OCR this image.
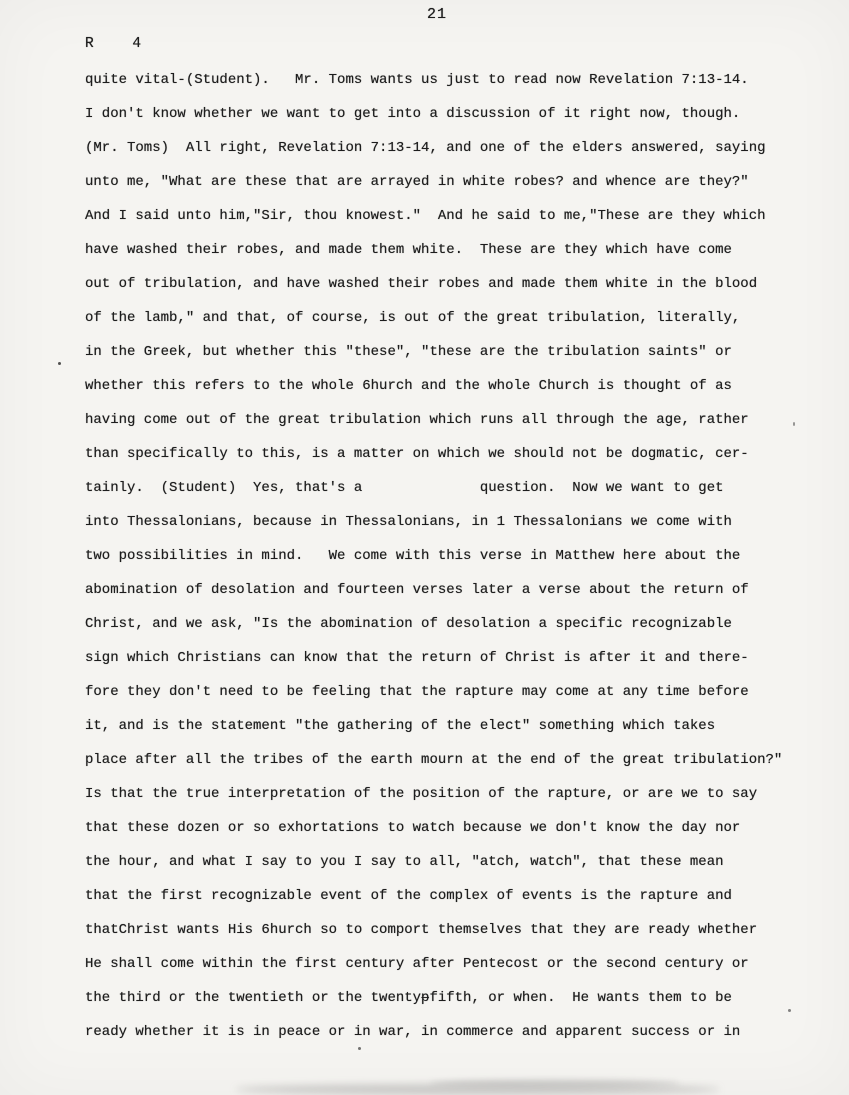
21
R	4
quite vital-(Student).   Mr. Toms wants us just to read now Revelation 7:13-14.
I don't know whether we want to get into a discussion of it right now, though.
(Mr. Toms)  All right, Revelation 7:13-14, and one of the elders answered, saying
unto me, "What are these that are arrayed in white robes? and whence are they?"
And I said unto him,"Sir, thou knowest."  And he said to me,"These are they which
have washed their robes, and made them white.  These are they which have come
out of tribulation, and have washed their robes and made them white in the blood
of the lamb," and that, of course, is out of the great tribulation, literally,
in the Greek, but whether this "these", "these are the tribulation saints" or
whether this refers to the whole 6hurch and the whole Church is thought of as
having come out of the great tribulation which runs all through the age, rather
than specifically to this, is a matter on which we should not be dogmatic, cer-
tainly.  (Student)  Yes, that's a              question.  Now we want to get
into Thessalonians, because in Thessalonians, in 1 Thessalonians we come with
two possibilities in mind.   We come with this verse in Matthew here about the
abomination of desolation and fourteen verses later a verse about the return of
Christ, and we ask, "Is the abomination of desolation a specific recognizable
sign which Christians can know that the return of Christ is after it and there-
fore they don't need to be feeling that the rapture may come at any time before
it, and is the statement "the gathering of the elect" something which takes
place after all the tribes of the earth mourn at the end of the great tribulation?"
Is that the true interpretation of the position of the rapture, or are we to say
that these dozen or so exhortations to watch because we don't know the day nor
the hour, and what I say to you I say to all, "atch, watch", that these mean
that the first recognizable event of the complex of events is the rapture and
thatChrist wants His 6hurch so to comport themselves that they are ready whether
He shall come within the first century after Pentecost or the second century or
the third or the twentieth or the twentyᵽfifth, or when.  He wants them to be
ready whether it is in peace or in war, in commerce and apparent success or in
